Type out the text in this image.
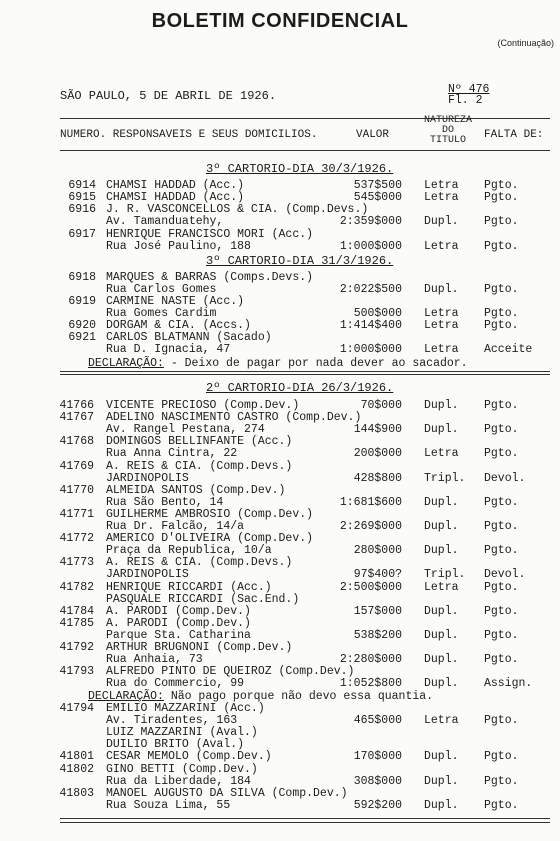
BOLETIM CONFIDENCIAL
(Continuação)
SÃO PAULO, 5 DE ABRIL DE 1926.	Nº 476
Fl. 2
NUMERO. RESPONSAVEIS E SEUS DOMICILIOS.	VALOR
NATUREZA
DO
TITULO	FALTA DE:
3º CARTORIO-DIA 30/3/1926.
6914 CHAMSI HADDAD (Acc.)	537$500 Letra Pgto.
6915 CHAMSI HADDAD (Acc.)	545$000 Letra Pgto.
6916 J. R. VASCONCELLOS & CIA. (Comp.Devs.)
Av. Tamanduatehy,	2:359$000 Dupl. Pgto.
6917 HENRIQUE FRANCISCO MORI (Acc.)
Rua José Paulino, 188	1:000$000 Letra Pgto.
3º CARTORIO-DIA 31/3/1926.
6918 MARQUES & BARRAS (Comps.Devs.)
Rua Carlos Gomes	2:022$500 Dupl. Pgto.
6919 CARMINE NASTE (Acc.)
Rua Gomes Cardim	500$000 Letra Pgto.
6920 DORGAM & CIA. (Accs.)	1:414$400 Letra Pgto.
6921 CARLOS BLATMANN (Sacado)
Rua D. Ignacia, 47	1:000$000 Letra Acceite
DECLARAÇÃO: - Deixo de pagar por nada dever ao sacador.
2º CARTORIO-DIA 26/3/1926.
41766 VICENTE PRECIOSO (Comp.Dev.)	70$000 Dupl. Pgto.
41767 ADELINO NASCIMENTO CASTRO (Comp.Dev.)
Av. Rangel Pestana, 274	144$900 Dupl. Pgto.
41768 DOMINGOS BELLINFANTE (Acc.)
Rua Anna Cintra, 22	200$000 Letra Pgto.
41769 A. REIS & CIA. (Comp.Devs.)
JARDINOPOLIS	428$800 Tripl. Devol.
41770 ALMEIDA SANTOS (Comp.Dev.)
Rua São Bento, 14	1:681$600 Dupl. Pgto.
41771 GUILHERME AMBROSIO (Comp.Dev.)
Rua Dr. Falcão, 14/a	2:269$000 Dupl. Pgto.
41772 AMERICO D'OLIVEIRA (Comp.Dev.)
Praça da Republica, 10/a	280$000 Dupl. Pgto.
41773 A. REIS & CIA. (Comp.Devs.)
JARDINOPOLIS	97$400? Tripl. Devol.
41782 HENRIQUE RICCARDI (Acc.)	2:500$000 Letra Pgto.
PASQUALE RICCARDI (Sac.End.)
41784 A. PARODI (Comp.Dev.)	157$000 Dupl. Pgto.
41785 A. PARODI (Comp.Dev.)
Parque Sta. Catharina	538$200 Dupl. Pgto.
41792 ARTHUR BRUGNONI (Comp.Dev.)
Rua Anhaia, 73	2:280$000 Dupl. Pgto.
41793 ALFREDO PINTO DE QUEIROZ (Comp.Dev.)
Rua do Commercio, 99	1:052$800 Dupl. Assign.
DECLARAÇÃO: Não pago porque não devo essa quantia.
41794 EMILIO MAZZARINI (Acc.)
Av. Tiradentes, 163	465$000 Letra Pgto.
LUIZ MAZZARINI (Aval.)
DUILIO BRITO (Aval.)
41801 CESAR MEMOLO (Comp.Dev.)	170$000 Dupl. Pgto.
41802 GINO BETTI (Comp.Dev.)
Rua da Liberdade, 184	308$000 Dupl. Pgto.
41803 MANOEL AUGUSTO DA SILVA (Comp.Dev.)
Rua Souza Lima, 55	592$200 Dupl. Pgto.
